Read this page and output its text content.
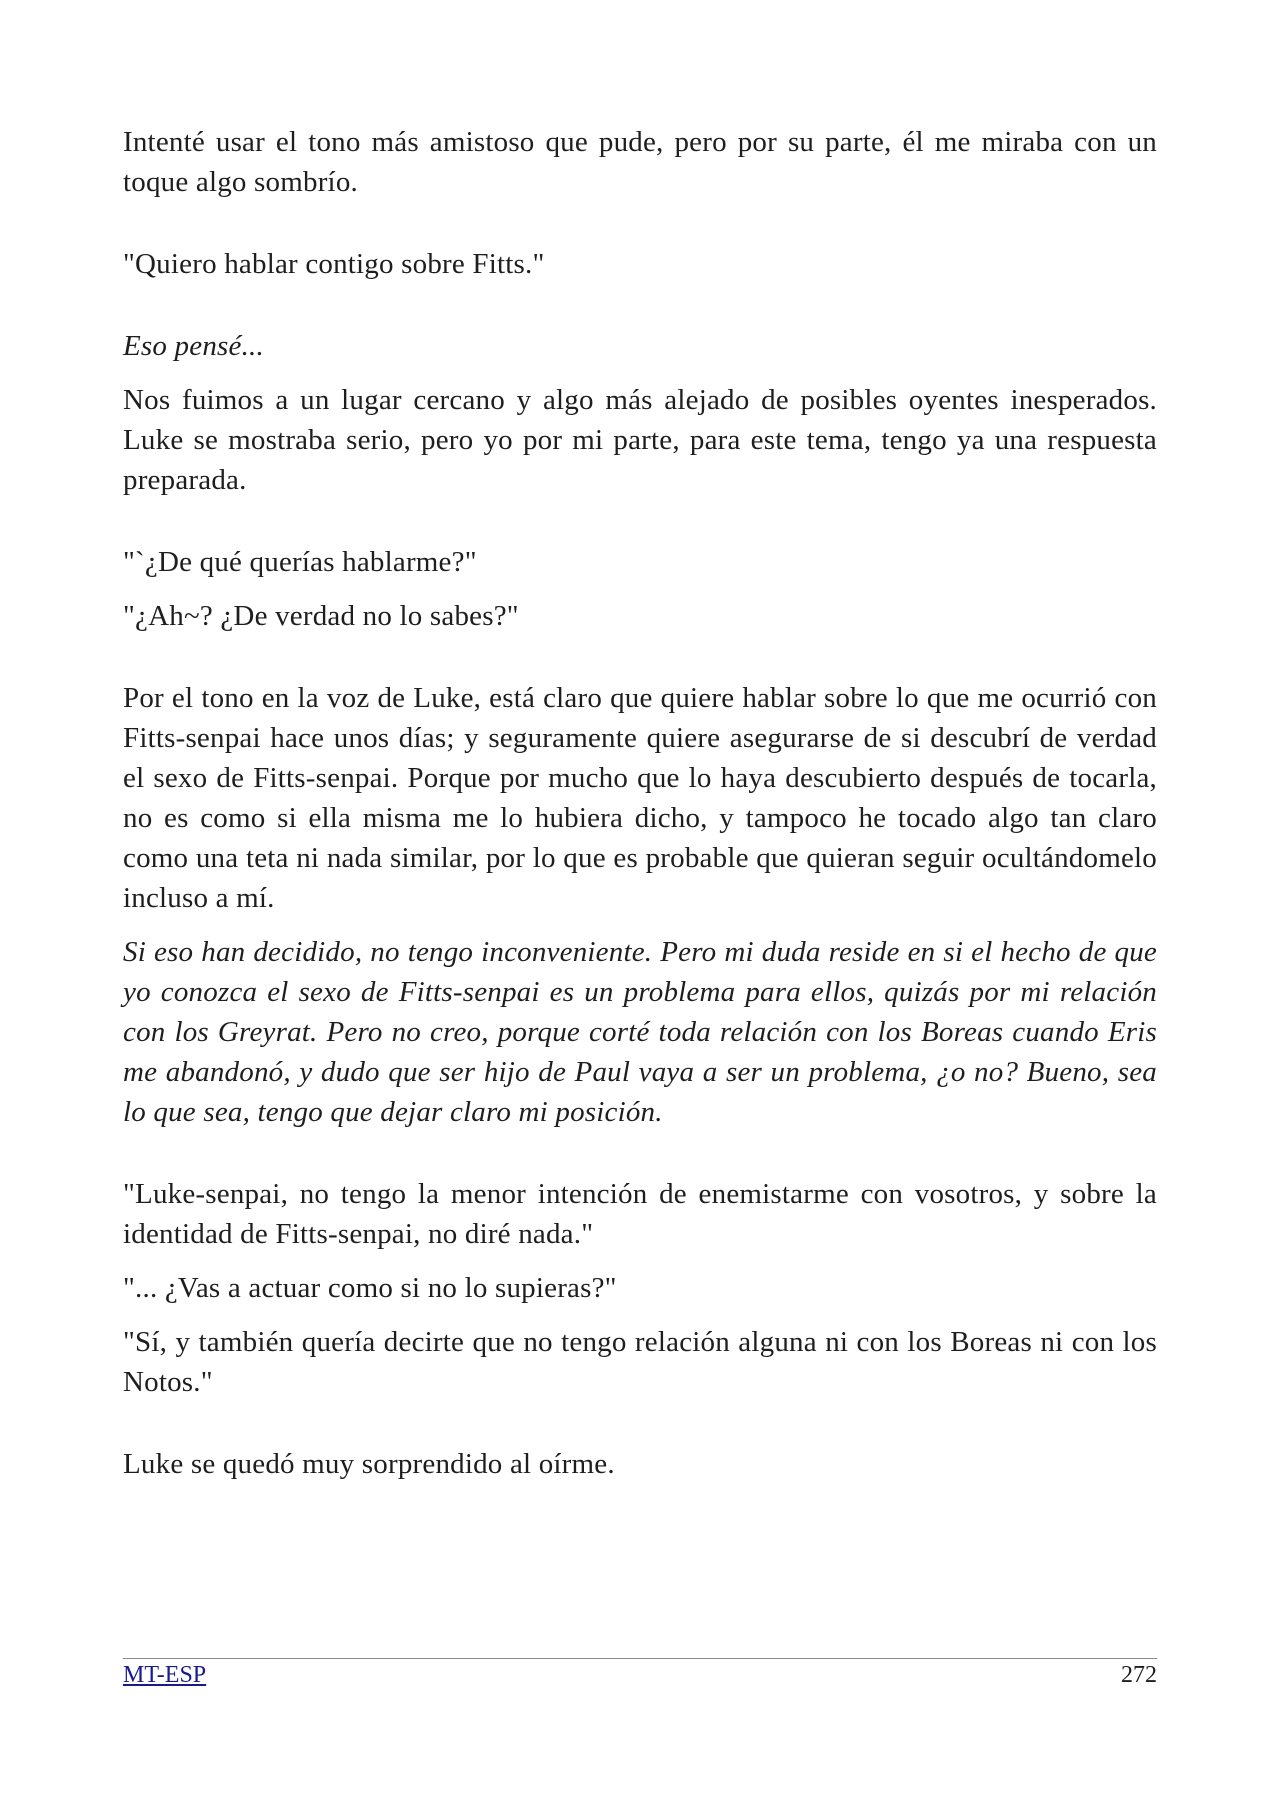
Intenté usar el tono más amistoso que pude, pero por su parte, él me miraba con un toque algo sombrío.

"Quiero hablar contigo sobre Fitts."

Eso pensé...

Nos fuimos a un lugar cercano y algo más alejado de posibles oyentes inesperados. Luke se mostraba serio, pero yo por mi parte, para este tema, tengo ya una respuesta preparada.

"`¿De qué querías hablarme?"

"¿Ah~? ¿De verdad no lo sabes?"

Por el tono en la voz de Luke, está claro que quiere hablar sobre lo que me ocurrió con Fitts-senpai hace unos días; y seguramente quiere asegurarse de si descubrí de verdad el sexo de Fitts-senpai. Porque por mucho que lo haya descubierto después de tocarla, no es como si ella misma me lo hubiera dicho, y tampoco he tocado algo tan claro como una teta ni nada similar, por lo que es probable que quieran seguir ocultándomelo incluso a mí.

Si eso han decidido, no tengo inconveniente. Pero mi duda reside en si el hecho de que yo conozca el sexo de Fitts-senpai es un problema para ellos, quizás por mi relación con los Greyrat. Pero no creo, porque corté toda relación con los Boreas cuando Eris me abandonó, y dudo que ser hijo de Paul vaya a ser un problema, ¿o no? Bueno, sea lo que sea, tengo que dejar claro mi posición.

"Luke-senpai, no tengo la menor intención de enemistarme con vosotros, y sobre la identidad de Fitts-senpai, no diré nada."

"... ¿Vas a actuar como si no lo supieras?"

"Sí, y también quería decirte que no tengo relación alguna ni con los Boreas ni con los Notos."

Luke se quedó muy sorprendido al oírme.

MT-ESP	272
